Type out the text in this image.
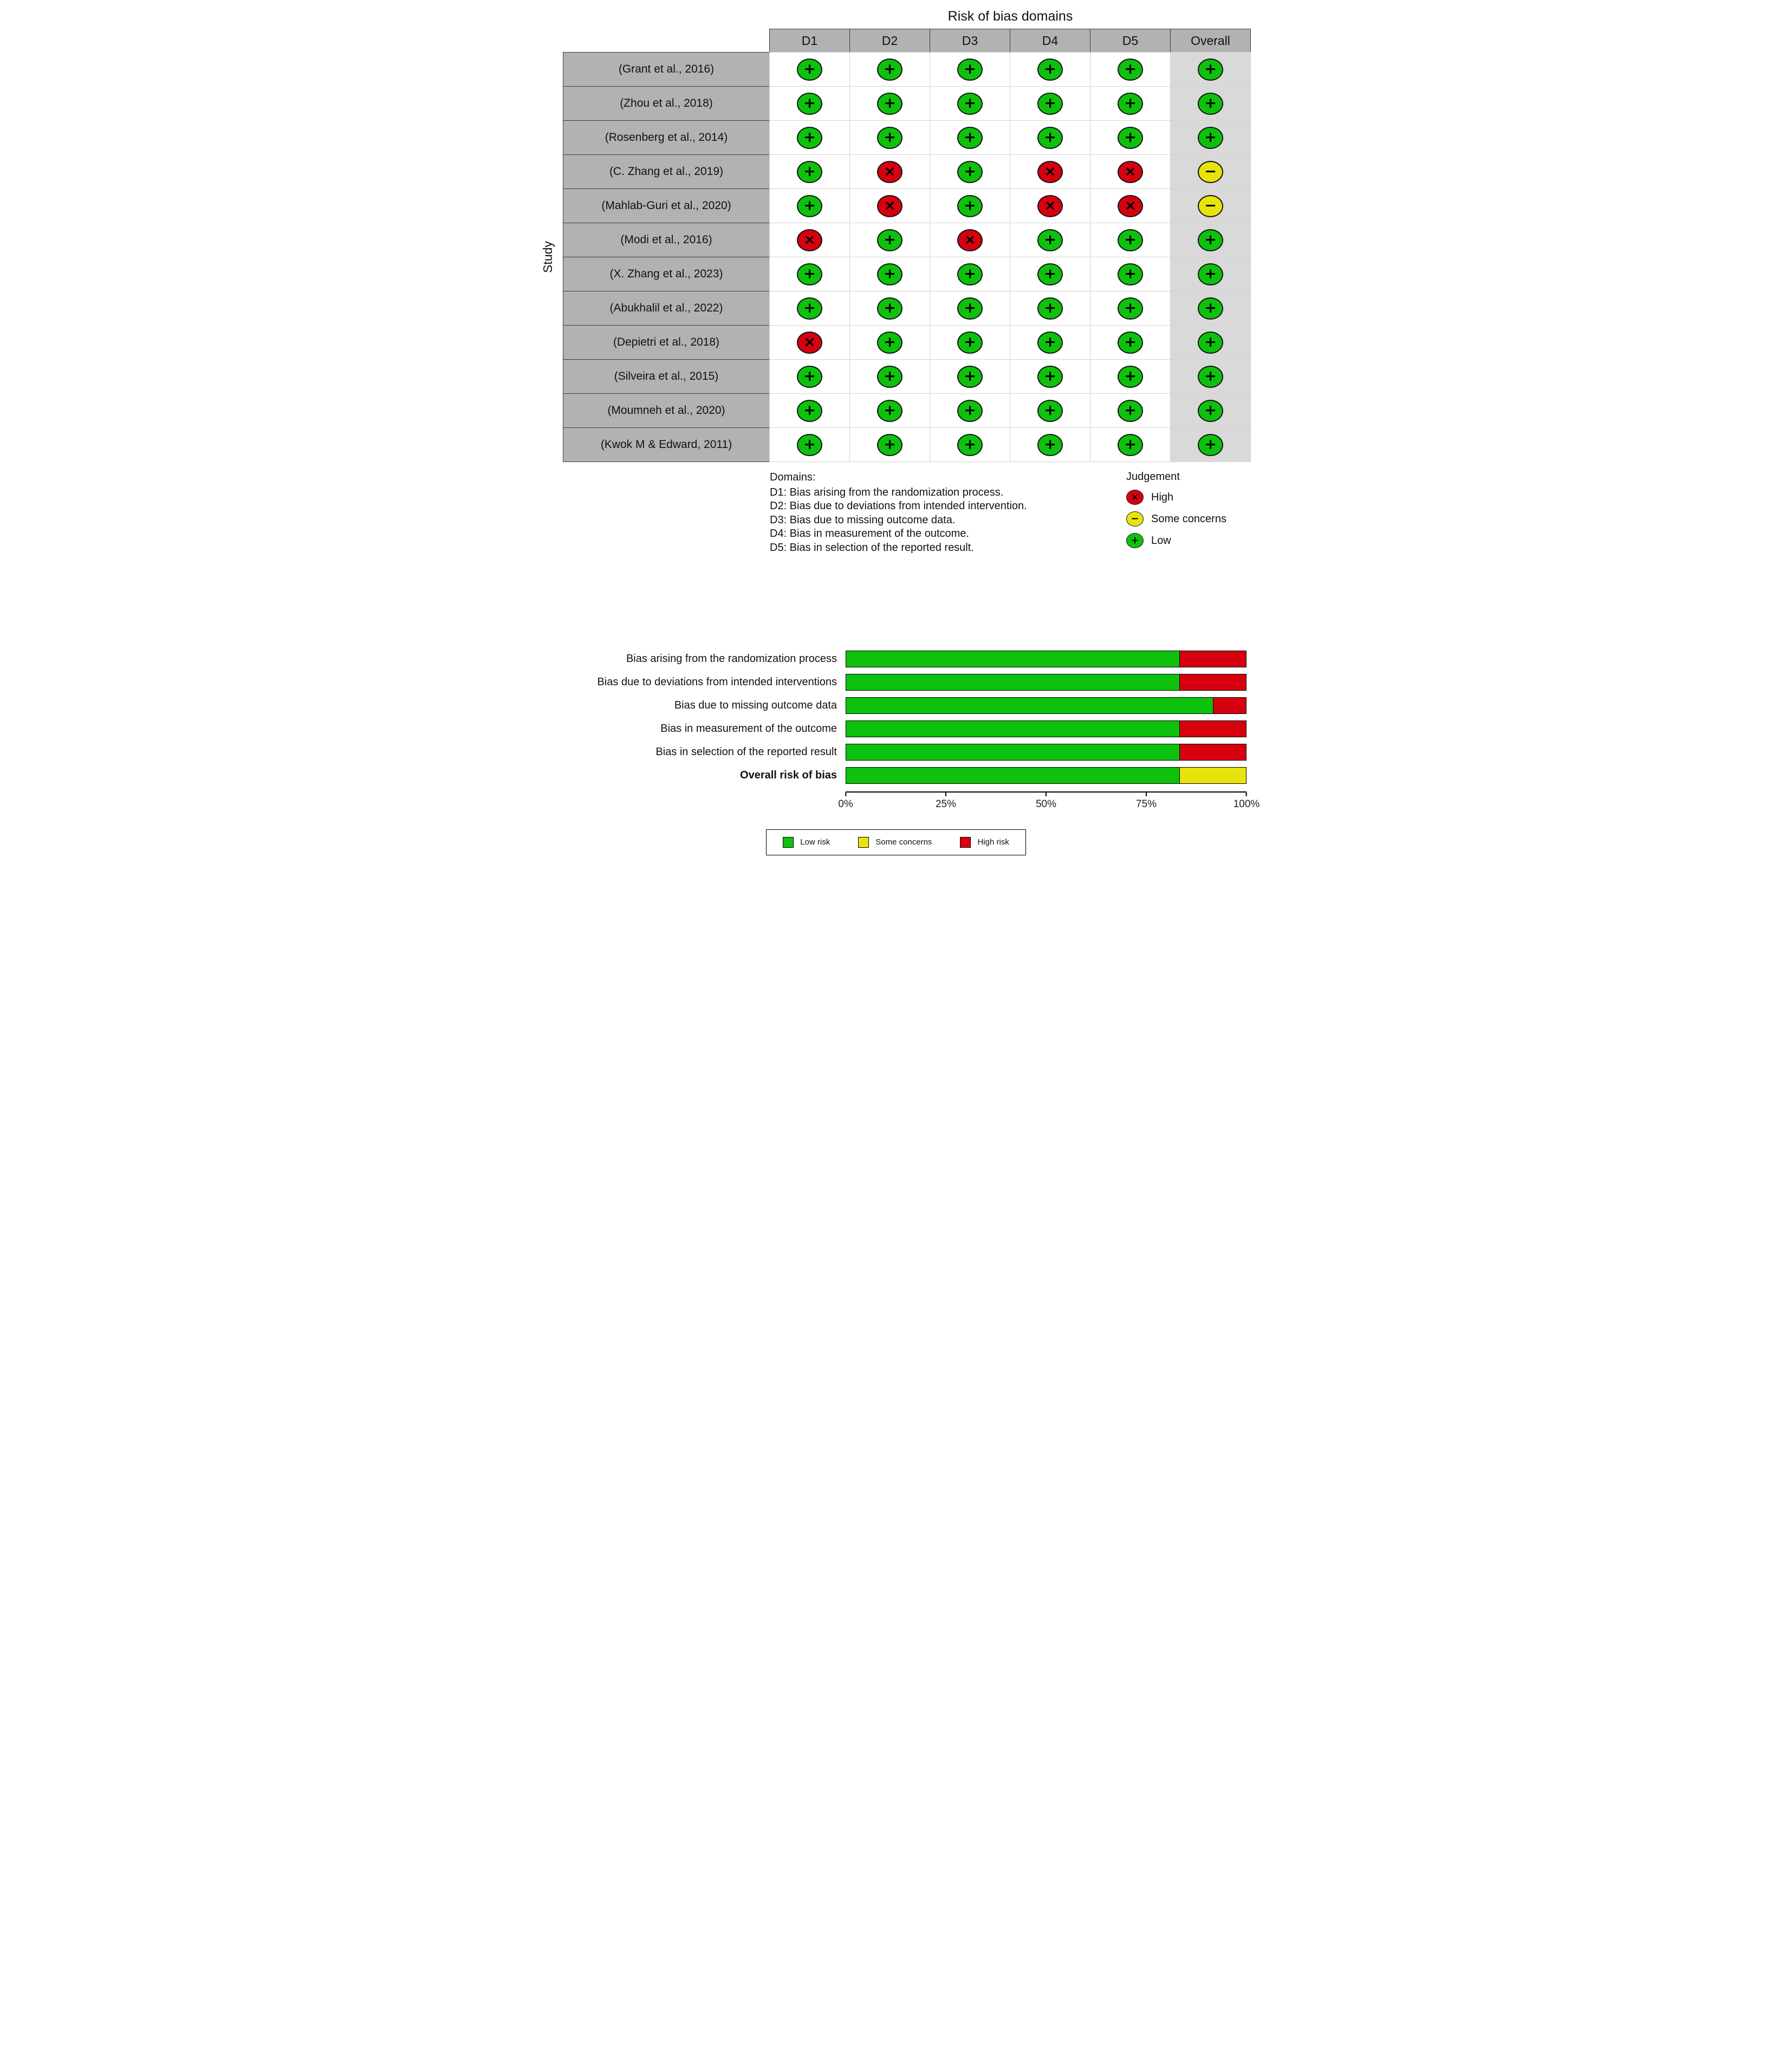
Risk of bias domains
Study
D1	D2	D3	D4	D5	Overall
(Grant et al., 2016)	+	+	+	+	+	+
(Zhou et al., 2018)	+	+	+	+	+	+
(Rosenberg et al., 2014)	+	+	+	+	+	+
(C. Zhang et al., 2019)	+	×	+	×	×	−
(Mahlab-Guri et al., 2020)	+	×	+	×	×	−
(Modi et al., 2016)	×	+	×	+	+	+
(X. Zhang et al., 2023)	+	+	+	+	+	+
(Abukhalil et al., 2022)	+	+	+	+	+	+
(Depietri et al., 2018)	×	+	+	+	+	+
(Silveira et al., 2015)	+	+	+	+	+	+
(Moumneh et al., 2020)	+	+	+	+	+	+
(Kwok M & Edward, 2011)	+	+	+	+	+	+
Domains:
D1: Bias arising from the randomization process.
D2: Bias due to deviations from intended intervention.
D3: Bias due to missing outcome data.
D4: Bias in measurement of the outcome.
D5: Bias in selection of the reported result.
Judgement
× High
− Some concerns
+ Low
Bias arising from the randomization process
Bias due to deviations from intended interventions
Bias due to missing outcome data
Bias in measurement of the outcome
Bias in selection of the reported result
Overall risk of bias
0%	25%	50%	75%	100%
Low risk	Some concerns	High risk
